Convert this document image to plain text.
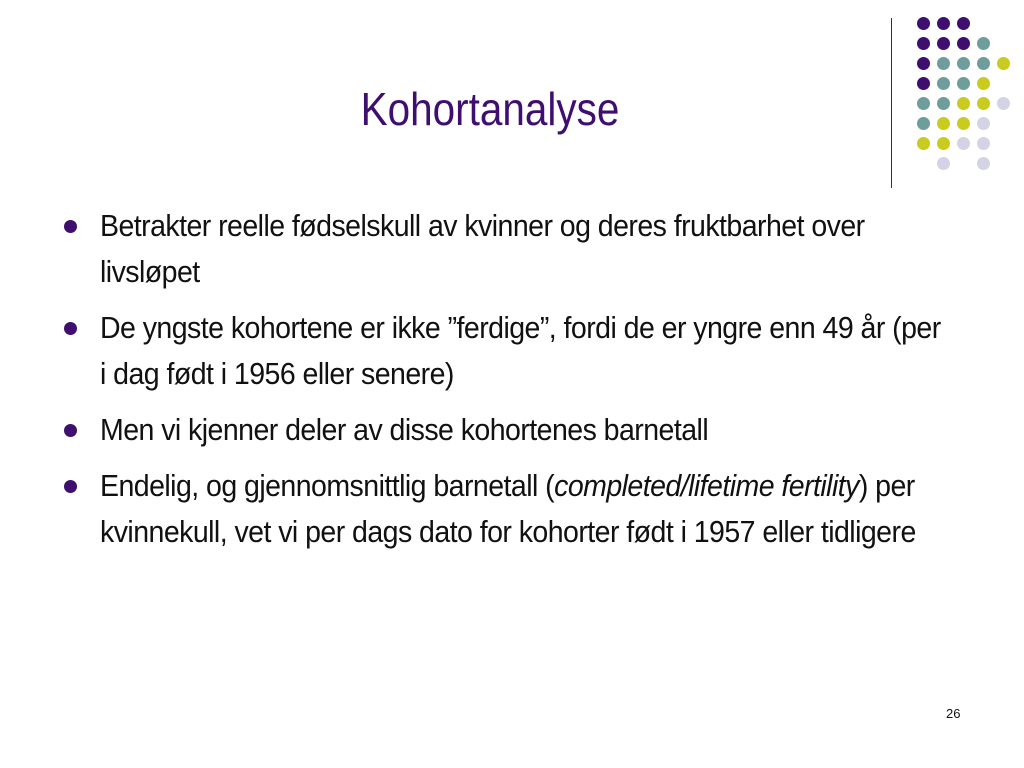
Kohortanalyse
Betrakter reelle fødselskull av kvinner og deres fruktbarhet over livsløpet
De yngste kohortene er ikke ”ferdige”, fordi de er yngre enn 49 år (per i dag født i 1956 eller senere)
Men vi kjenner deler av disse kohortenes barnetall
Endelig, og gjennomsnittlig barnetall (completed/lifetime fertility) per kvinnekull, vet vi per dags dato for kohorter født i 1957 eller tidligere
26
